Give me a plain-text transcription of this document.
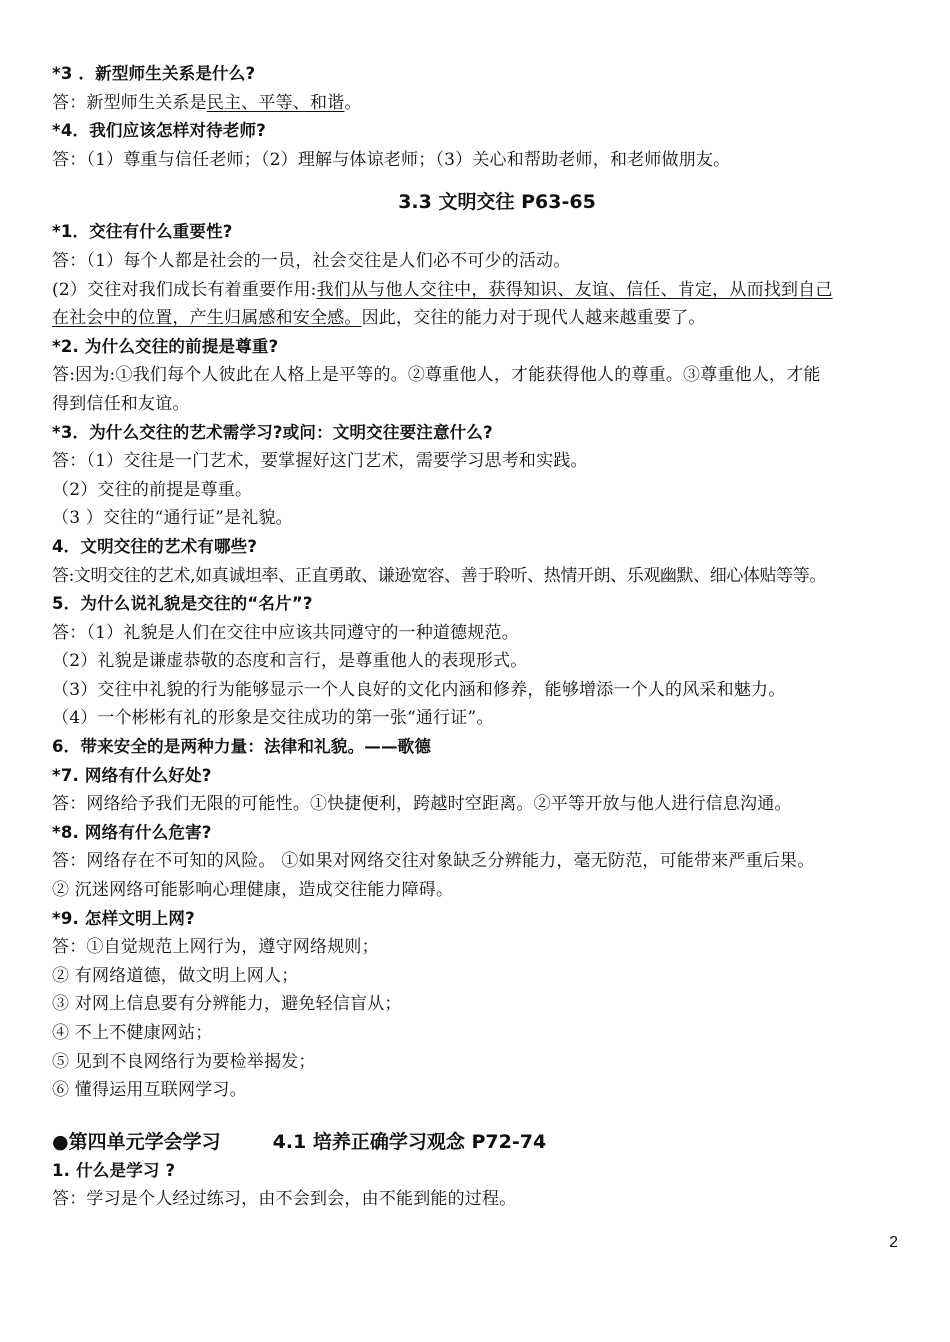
*3 ．新型师生关系是什么?
答：新型师生关系是民主、平等、和谐。
*4．我们应该怎样对待老师?
答：（1）尊重与信任老师；（2）理解与体谅老师；（3）关心和帮助老师，和老师做朋友。
3.3 文明交往 P63-65
*1．交往有什么重要性?
答：（1）每个人都是社会的一员，社会交往是人们必不可少的活动。
(2）交往对我们成长有着重要作用:我们从与他人交往中，获得知识、友谊、信任、肯定，从而找到自己
在社会中的位置，产生归属感和安全感。因此，交往的能力对于现代人越来越重要了。
*2. 为什么交往的前提是尊重?
答:因为:①我们每个人彼此在人格上是平等的。②尊重他人，才能获得他人的尊重。③尊重他人，才能
得到信任和友谊。
*3．为什么交往的艺术需学习?或问：文明交往要注意什么?
答：（1）交往是一门艺术，要掌握好这门艺术，需要学习思考和实践。
（2）交往的前提是尊重。
（3 ）交往的“通行证”是礼貌。
4．文明交往的艺术有哪些?
答:文明交往的艺术,如真诚坦率、正直勇敢、谦逊宽容、善于聆听、热情开朗、乐观幽默、细心体贴等等。
5．为什么说礼貌是交往的“名片”?
答：（1）礼貌是人们在交往中应该共同遵守的一种道德规范。
（2）礼貌是谦虚恭敬的态度和言行，是尊重他人的表现形式。
（3）交往中礼貌的行为能够显示一个人良好的文化内涵和修养，能够增添一个人的风采和魅力。
（4）一个彬彬有礼的形象是交往成功的第一张“通行证”。
6．带来安全的是两种力量：法律和礼貌。——歌德
*7. 网络有什么好处?
答：网络给予我们无限的可能性。①快捷便利，跨越时空距离。②平等开放与他人进行信息沟通。
*8. 网络有什么危害?
答：网络存在不可知的风险。 ①如果对网络交往对象缺乏分辨能力，毫无防范，可能带来严重后果。
② 沉迷网络可能影响心理健康，造成交往能力障碍。
*9. 怎样文明上网?
答：①自觉规范上网行为，遵守网络规则；
② 有网络道德，做文明上网人；
③ 对网上信息要有分辨能力，避免轻信盲从；
④ 不上不健康网站；
⑤ 见到不良网络行为要检举揭发；
⑥ 懂得运用互联网学习。
●第四单元学会学习	4.1 培养正确学习观念 P72-74
1. 什么是学习 ?
答：学习是个人经过练习，由不会到会，由不能到能的过程。
2
